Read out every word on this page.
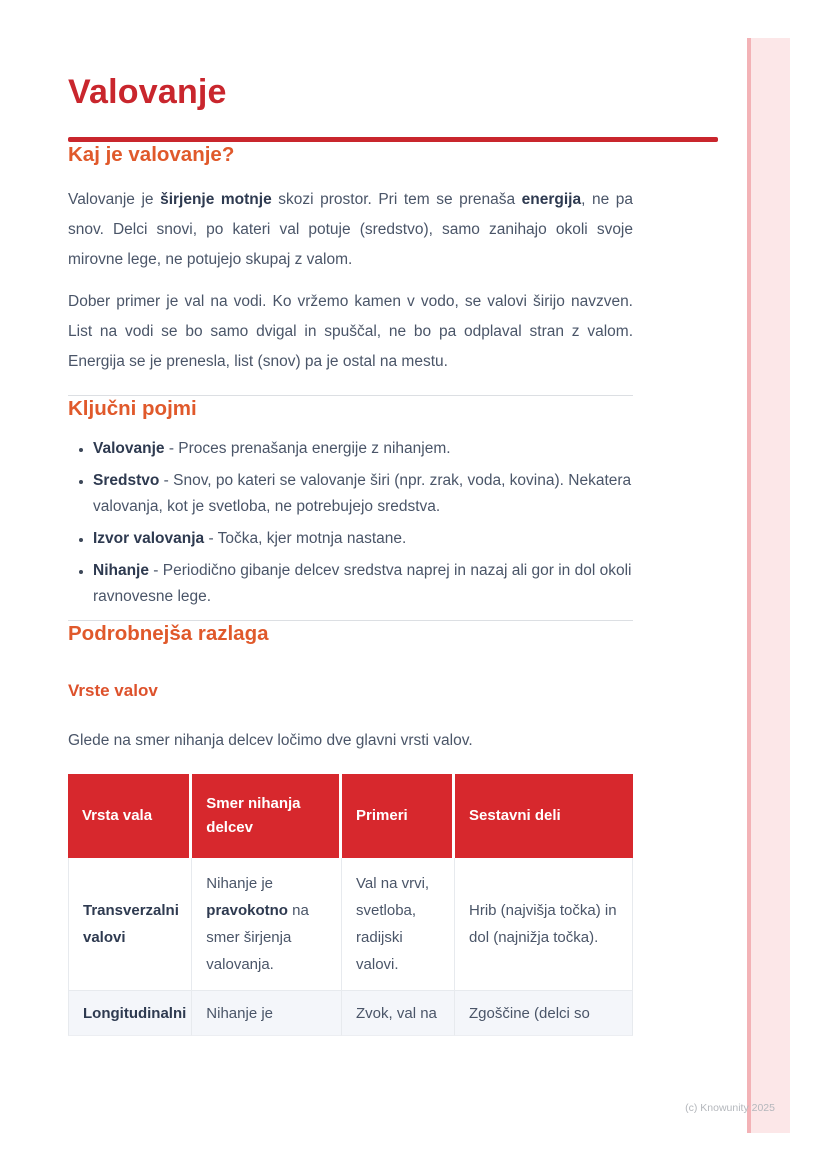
Valovanje
Kaj je valovanje?

Valovanje je širjenje motnje skozi prostor. Pri tem se prenaša energija, ne pa snov. Delci snovi, po kateri val potuje (sredstvo), samo zanihajo okoli svoje mirovne lege, ne potujejo skupaj z valom.

Dober primer je val na vodi. Ko vržemo kamen v vodo, se valovi širijo navzven. List na vodi se bo samo dvigal in spuščal, ne bo pa odplaval stran z valom. Energija se je prenesla, list (snov) pa je ostal na mestu.

Ključni pojmi
• Valovanje - Proces prenašanja energije z nihanjem.
• Sredstvo - Snov, po kateri se valovanje širi (npr. zrak, voda, kovina). Nekatera valovanja, kot je svetloba, ne potrebujejo sredstva.
• Izvor valovanja - Točka, kjer motnja nastane.
• Nihanje - Periodično gibanje delcev sredstva naprej in nazaj ali gor in dol okoli ravnovesne lege.
Podrobnejša razlaga
Vrste valov

Glede na smer nihanja delcev ločimo dve glavni vrsti valov.

Vrsta vala	Smer nihanja delcev	Primeri	Sestavni deli
Transverzalni valovi	Nihanje je pravokotno na smer širjenja valovanja.	Val na vrvi, svetloba, radijski valovi.	Hrib (najvišja točka) in dol (najnižja točka).
Longitudinalni	Nihanje je	Zvok, val na	Zgoščine (delci so
(c) Knowunity 2025
